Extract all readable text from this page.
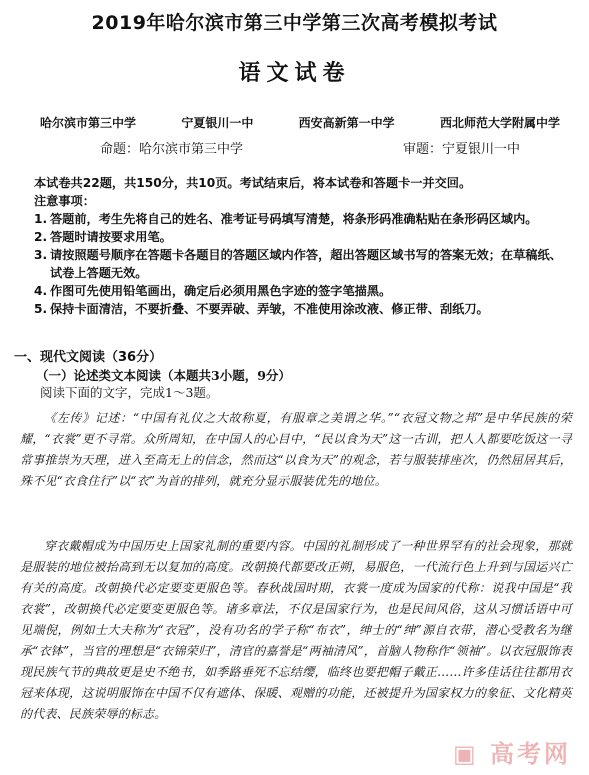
2019年哈尔滨市第三中学第三次高考模拟考试
语文试卷
哈尔滨市第三中学	宁夏银川一中	西安高新第一中学	西北师范大学附属中学
命题：哈尔滨市第三中学	审题：宁夏银川一中
本试卷共22题，共150分，共10页。考试结束后，将本试卷和答题卡一并交回。
注意事项：
1. 答题前，考生先将自己的姓名、准考证号码填写清楚，将条形码准确粘贴在条形码区域内。
2. 答题时请按要求用笔。
3. 请按照题号顺序在答题卡各题目的答题区域内作答，超出答题区域书写的答案无效；在草稿纸、试卷上答题无效。
4. 作图可先使用铅笔画出，确定后必须用黑色字迹的签字笔描黑。
5. 保持卡面清洁，不要折叠、不要弄破、弄皱，不准使用涂改液、修正带、刮纸刀。
一、现代文阅读（36分）
（一）论述类文本阅读（本题共3小题，9分）
阅读下面的文字，完成1～3题。
《左传》记述：“中国有礼仪之大故称夏，有服章之美谓之华。”“衣冠文物之邦”是中华民族的荣耀，“衣裳”更不寻常。众所周知，在中国人的心目中，“民以食为天”这一古训，把人人都要吃饭这一寻常事推崇为天理，进入至高无上的信念，然而这“以食为天”的观念，若与服装排座次，仍然屈居其后，殊不见“衣食住行”以“衣”为首的排列，就充分显示服装优先的地位。
穿衣戴帽成为中国历史上国家礼制的重要内容。中国的礼制形成了一种世界罕有的社会现象，那就是服装的地位被抬高到无以复加的高度。改朝换代都要改正朔，易服色，一代流行色上升到与国运兴亡有关的高度。改朝换代必定要变更服色等。春秋战国时期，衣裳一度成为国家的代称：说我中国是“我衣裳”，改朝换代必定要变更服色等。诸多章法，不仅是国家行为，也是民间风俗，这从习惯话语中可见端倪，例如士大夫称为“衣冠”，没有功名的学子称“布衣”，绅士的“绅”源自衣带，潜心受教名为继承“衣钵”，当官的理想是“衣锦荣归”，清官的嘉誉是“两袖清风”，首脑人物称作“领袖”。以衣冠服饰表现民族气节的典故更是史不绝书，如季路垂死不忘结缨，临终也要把帽子戴正……许多佳话往往都用衣冠来体现，这说明服饰在中国不仅有遮体、保暖、观赠的功能，还被提升为国家权力的象征、文化精英的代表、民族荣辱的标志。
▣ 高考网
